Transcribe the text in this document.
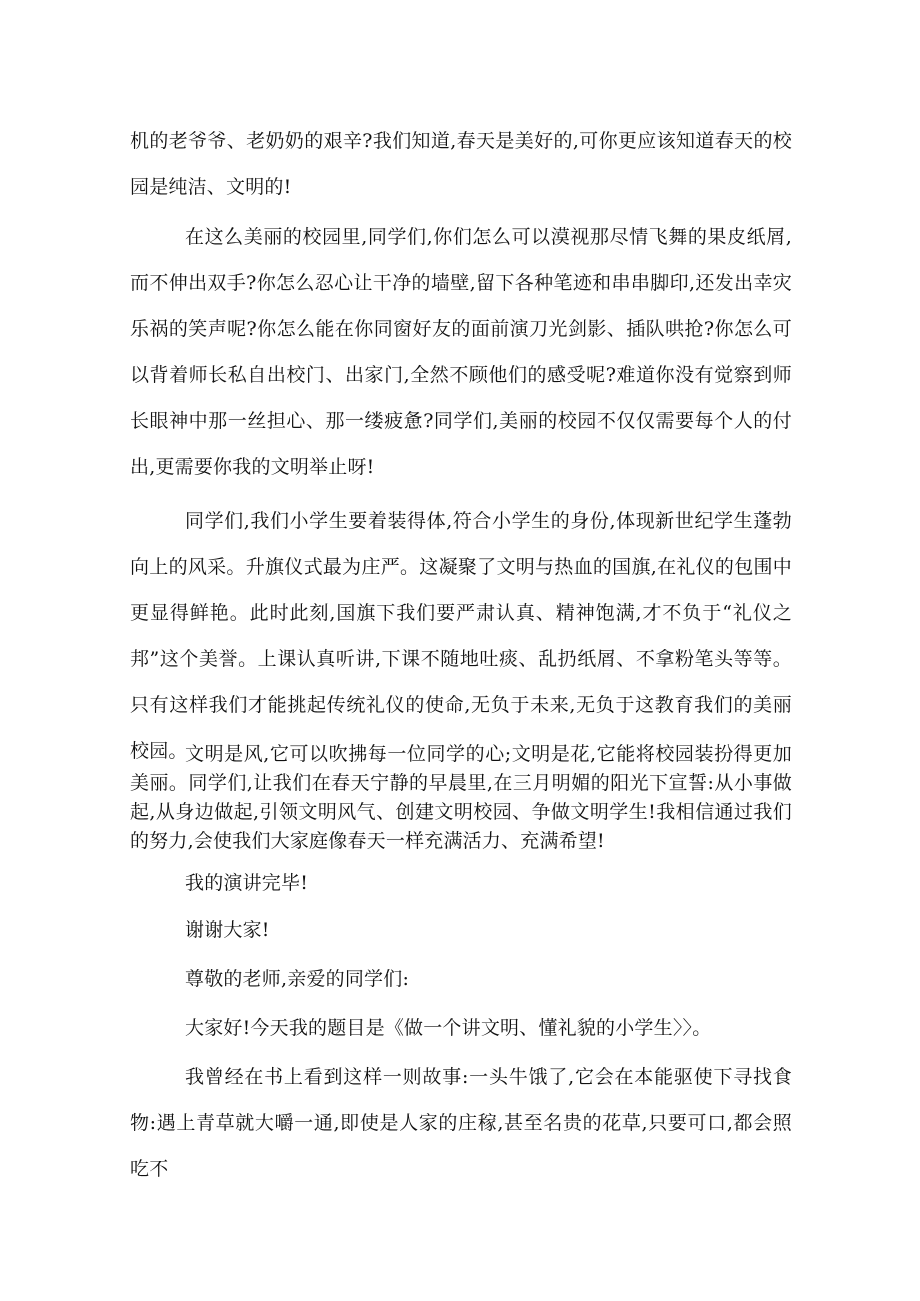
机的老爷爷、老奶奶的艰辛?我们知道,春天是美好的,可你更应该知道春天的校园是纯洁、文明的!

在这么美丽的校园里,同学们,你们怎么可以漠视那尽情飞舞的果皮纸屑,而不伸出双手?你怎么忍心让干净的墙壁,留下各种笔迹和串串脚印,还发出幸灾乐祸的笑声呢?你怎么能在你同窗好友的面前演刀光剑影、插队哄抢?你怎么可以背着师长私自出校门、出家门,全然不顾他们的感受呢?难道你没有觉察到师长眼神中那一丝担心、那一缕疲惫?同学们,美丽的校园不仅仅需要每个人的付出,更需要你我的文明举止呀!

同学们,我们小学生要着装得体,符合小学生的身份,体现新世纪学生蓬勃向上的风采。升旗仪式最为庄严。这凝聚了文明与热血的国旗,在礼仪的包围中更显得鲜艳。此时此刻,国旗下我们要严肃认真、精神饱满,才不负于“礼仪之邦”这个美誉。上课认真听讲,下课不随地吐痰、乱扔纸屑、不拿粉笔头等等。只有这样我们才能挑起传统礼仪的使命,无负于未来,无负于这教育我们的美丽校园。

文明是风,它可以吹拂每一位同学的心;文明是花,它能将校园装扮得更加美丽。同学们,让我们在春天宁静的早晨里,在三月明媚的阳光下宣誓:从小事做起,从身边做起,引领文明风气、创建文明校园、争做文明学生!我相信通过我们的努力,会使我们大家庭像春天一样充满活力、充满希望!

我的演讲完毕!

谢谢大家!

尊敬的老师,亲爱的同学们:

大家好!今天我的题目是《做一个讲文明、懂礼貌的小学生〉〉。

我曾经在书上看到这样一则故事:一头牛饿了,它会在本能驱使下寻找食物:遇上青草就大嚼一通,即使是人家的庄稼,甚至名贵的花草,只要可口,都会照吃不
